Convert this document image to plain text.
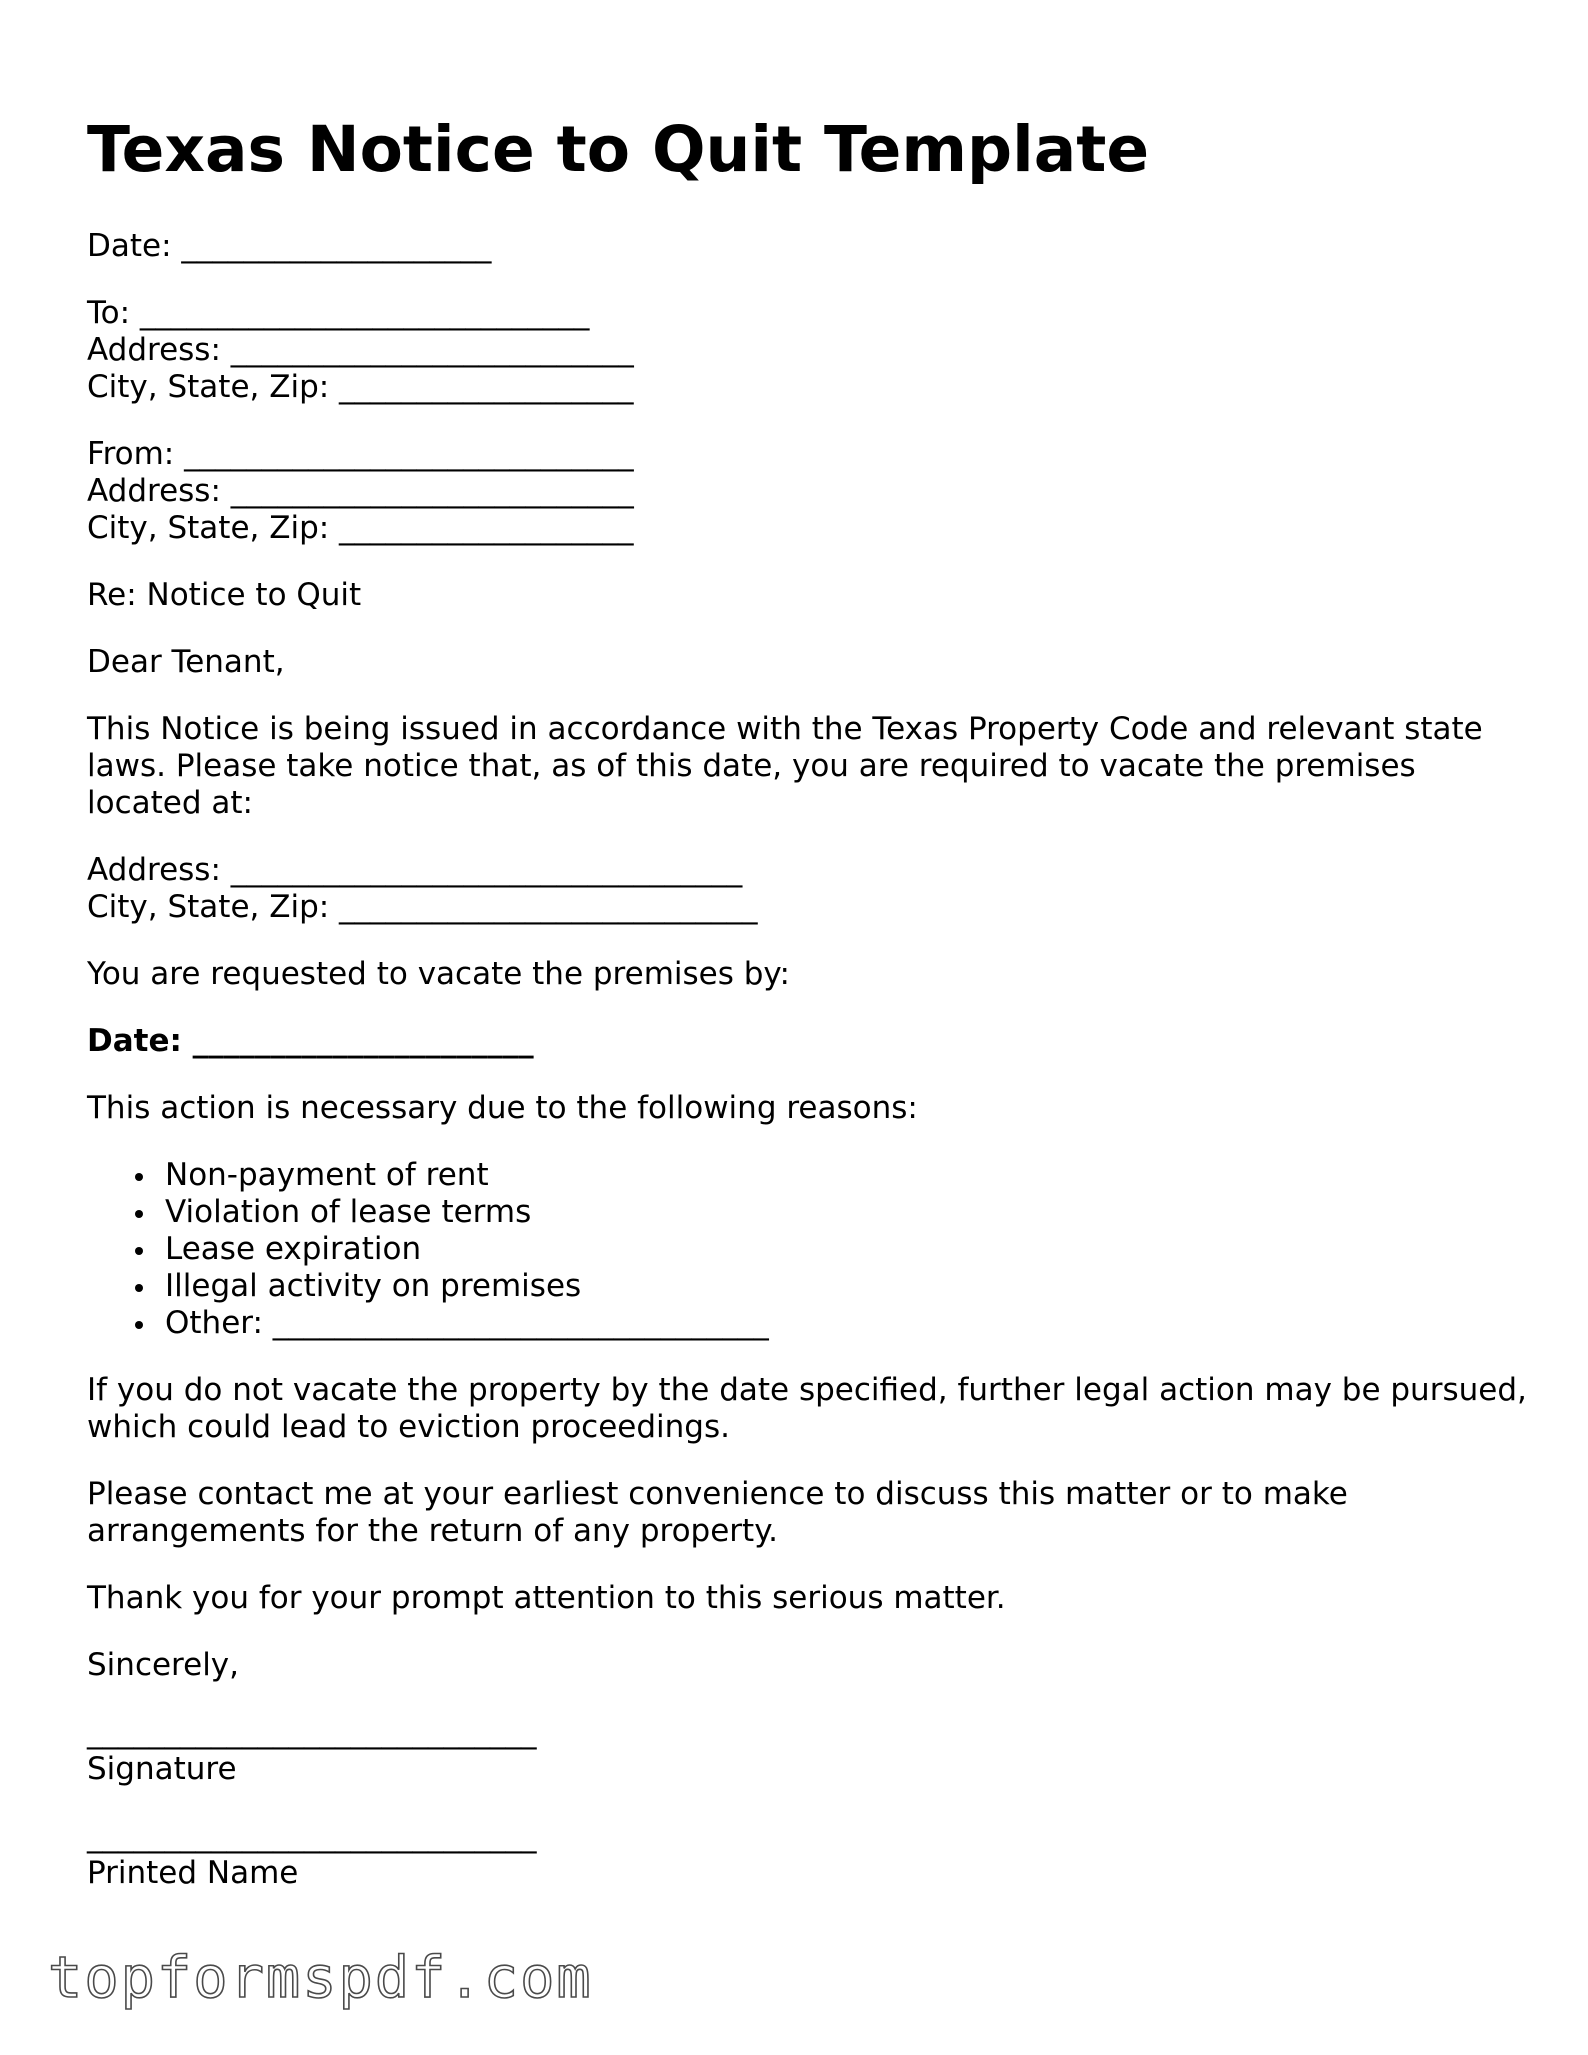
Texas Notice to Quit Template
Date: ____________________
To: _____________________________
Address: __________________________
City, State, Zip: ___________________
From: _____________________________
Address: __________________________
City, State, Zip: ___________________
Re: Notice to Quit
Dear Tenant,

This Notice is being issued in accordance with the Texas Property Code and relevant state laws. Please take notice that, as of this date, you are required to vacate the premises located at:

Address: _________________________________
City, State, Zip: ___________________________
You are requested to vacate the premises by:
Date: ______________________
This action is necessary due to the following reasons:
Non-payment of rent
Violation of lease terms
Lease expiration
Illegal activity on premises
Other: ________________________________

If you do not vacate the property by the date specified, further legal action may be pursued, which could lead to eviction proceedings.

Please contact me at your earliest convenience to discuss this matter or to make arrangements for the return of any property.

Thank you for your prompt attention to this serious matter.
Sincerely,
_____________________________
Signature
_____________________________
Printed Name
topformspdf.com
